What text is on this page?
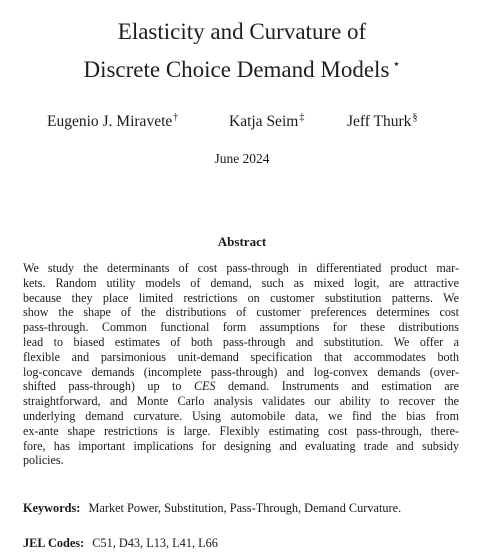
Elasticity and Curvature of
Discrete Choice Demand Models ⋆
Eugenio J. Miravete†	Katja Seim‡	Jeff Thurk§
June 2024
Abstract
We study the determinants of cost pass-through in differentiated product mar-
kets. Random utility models of demand, such as mixed logit, are attractive
because they place limited restrictions on customer substitution patterns. We
show the shape of the distributions of customer preferences determines cost
pass-through. Common functional form assumptions for these distributions
lead to biased estimates of both pass-through and substitution. We offer a
flexible and parsimonious unit-demand specification that accommodates both
log-concave demands (incomplete pass-through) and log-convex demands (over-
shifted pass-through) up to CES demand. Instruments and estimation are
straightforward, and Monte Carlo analysis validates our ability to recover the
underlying demand curvature. Using automobile data, we find the bias from
ex-ante shape restrictions is large. Flexibly estimating cost pass-through, there-
fore, has important implications for designing and evaluating trade and subsidy
policies.
Keywords: Market Power, Substitution, Pass-Through, Demand Curvature.
JEL Codes: C51, D43, L13, L41, L66
